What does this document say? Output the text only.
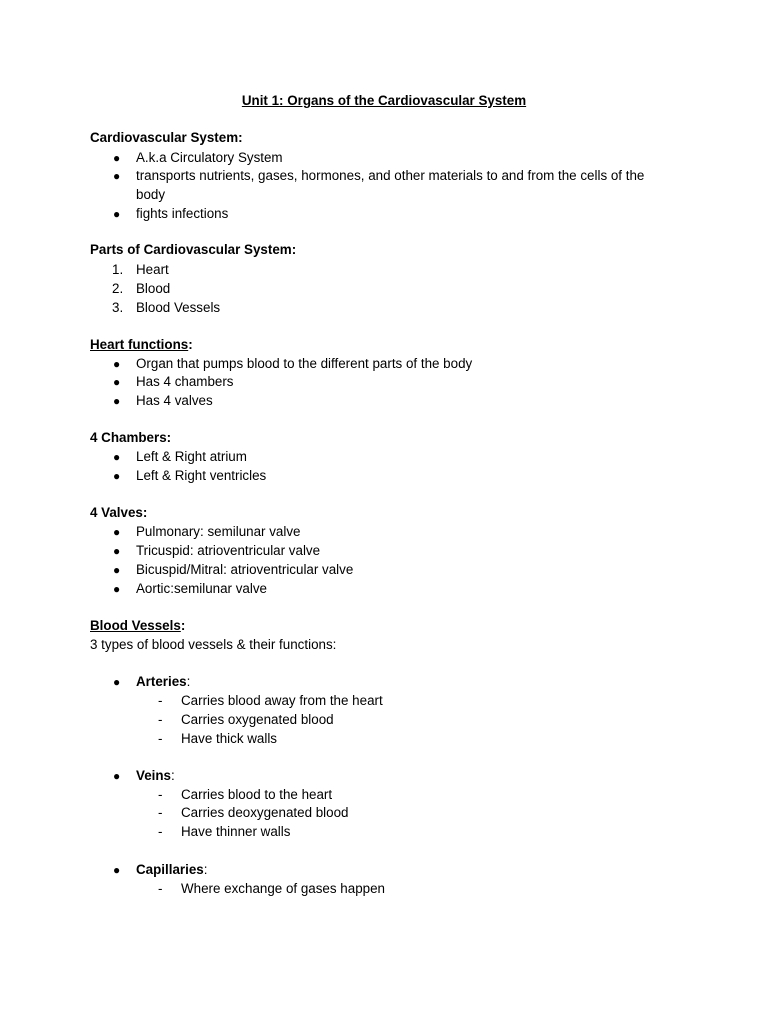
Unit 1: Organs of the Cardiovascular System
Cardiovascular System:
● A.k.a Circulatory System
● transports nutrients, gases, hormones, and other materials to and from the cells of the
body
● fights infections
Parts of Cardiovascular System:
1. Heart
2. Blood
3. Blood Vessels
Heart functions:
● Organ that pumps blood to the different parts of the body
● Has 4 chambers
● Has 4 valves
4 Chambers:
● Left & Right atrium
● Left & Right ventricles
4 Valves:
● Pulmonary: semilunar valve
● Tricuspid: atrioventricular valve
● Bicuspid/Mitral: atrioventricular valve
● Aortic:semilunar valve
Blood Vessels:
3 types of blood vessels & their functions:
● Arteries:
- Carries blood away from the heart
- Carries oxygenated blood
- Have thick walls
● Veins:
- Carries blood to the heart
- Carries deoxygenated blood
- Have thinner walls
● Capillaries:
- Where exchange of gases happen
